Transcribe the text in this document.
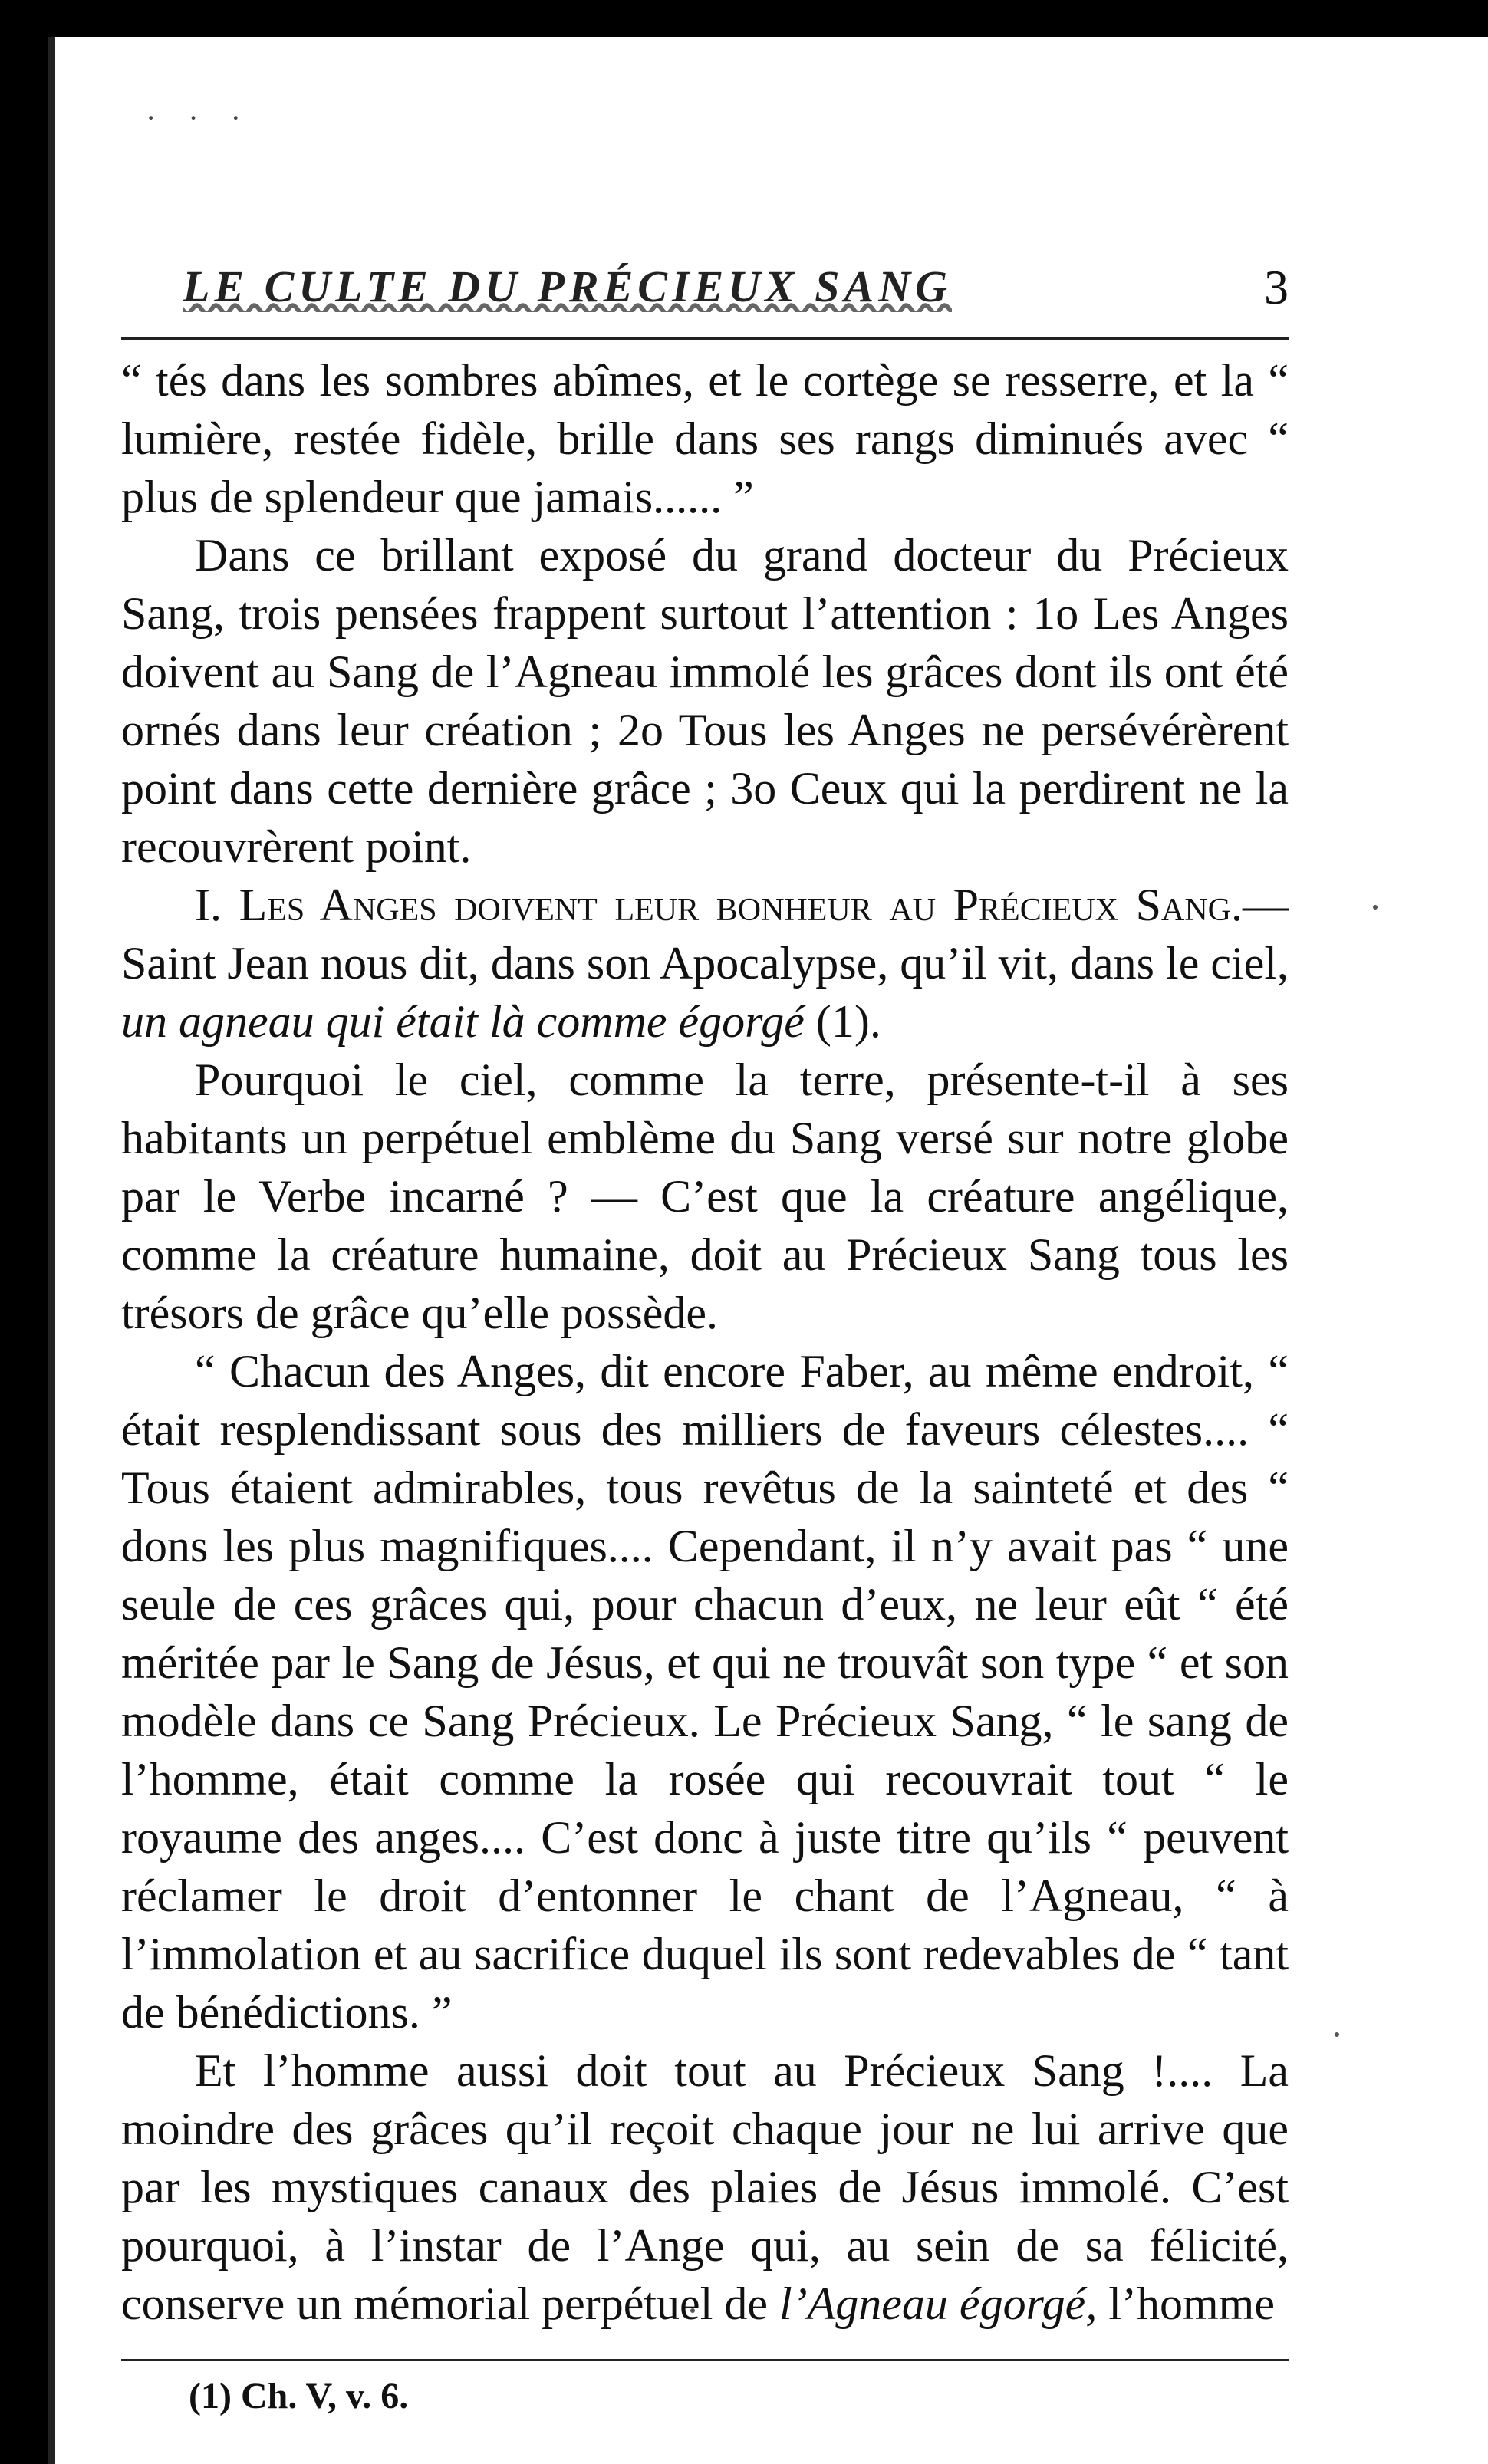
· · ·
LE CULTE DU PRÉCIEUX SANG	3

“ tés dans les sombres abîmes, et le cortège se resserre, et la “ lumière, restée fidèle, brille dans ses rangs diminués avec “ plus de splendeur que jamais...... ”

Dans ce brillant exposé du grand docteur du Précieux Sang, trois pensées frappent surtout l’attention : 1o Les Anges doivent au Sang de l’Agneau immolé les grâces dont ils ont été ornés dans leur création ; 2o Tous les Anges ne persévérèrent point dans cette dernière grâce ; 3o Ceux qui la perdirent ne la recouvrèrent point.

I. Les Anges doivent leur bonheur au Précieux Sang.—Saint Jean nous dit, dans son Apocalypse, qu’il vit, dans le ciel, un agneau qui était là comme égorgé (1).

Pourquoi le ciel, comme la terre, présente-t-il à ses habitants un perpétuel emblème du Sang versé sur notre globe par le Verbe incarné ? — C’est que la créature angélique, comme la créature humaine, doit au Précieux Sang tous les trésors de grâce qu’elle possède.

“ Chacun des Anges, dit encore Faber, au même endroit, “ était resplendissant sous des milliers de faveurs célestes.... “ Tous étaient admirables, tous revêtus de la sainteté et des “ dons les plus magnifiques.... Cependant, il n’y avait pas “ une seule de ces grâces qui, pour chacun d’eux, ne leur eût “ été méritée par le Sang de Jésus, et qui ne trouvât son type “ et son modèle dans ce Sang Précieux. Le Précieux Sang, “ le sang de l’homme, était comme la rosée qui recouvrait tout “ le royaume des anges.... C’est donc à juste titre qu’ils “ peuvent réclamer le droit d’entonner le chant de l’Agneau, “ à l’immolation et au sacrifice duquel ils sont redevables de “ tant de bénédictions. ”

Et l’homme aussi doit tout au Précieux Sang !.... La moindre des grâces qu’il reçoit chaque jour ne lui arrive que par les mystiques canaux des plaies de Jésus immolé. C’est pourquoi, à l’instar de l’Ange qui, au sein de sa félicité, conserve un mémorial perpétuel de l’Agneau égorgé, l’homme

(1) Ch. V, v. 6.
